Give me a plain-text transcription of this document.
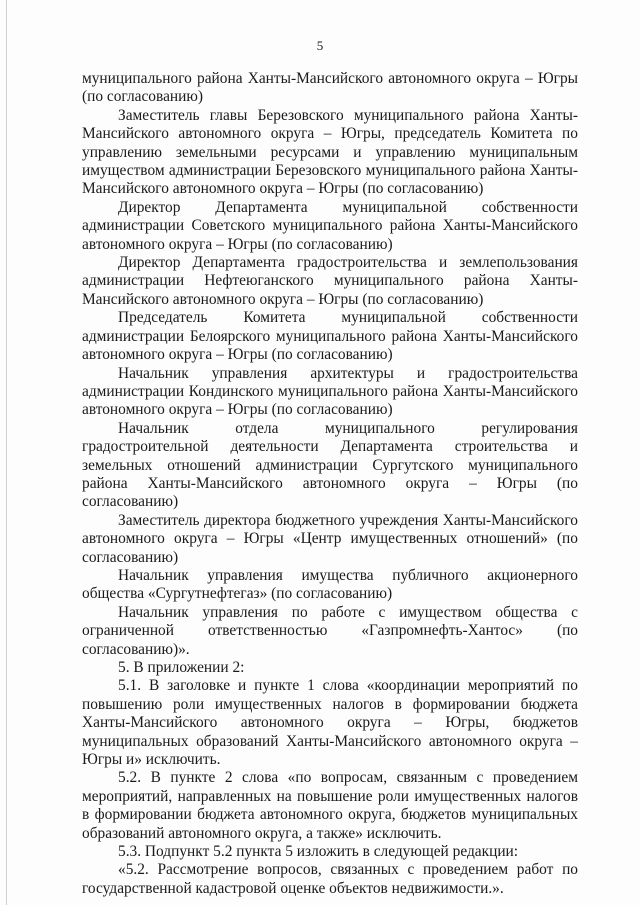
5

муниципального района Ханты-Мансийского автономного округа – Югры (по согласованию)

Заместитель главы Березовского муниципального района Ханты-Мансийского автономного округа – Югры, председатель Комитета по управлению земельными ресурсами и управлению муниципальным имуществом администрации Березовского муниципального района Ханты-Мансийского автономного округа – Югры (по согласованию)

Директор Департамента муниципальной собственности администрации Советского муниципального района Ханты-Мансийского автономного округа – Югры (по согласованию)

Директор Департамента градостроительства и землепользования администрации Нефтеюганского муниципального района Ханты-Мансийского автономного округа – Югры (по согласованию)

Председатель Комитета муниципальной собственности администрации Белоярского муниципального района Ханты-Мансийского автономного округа – Югры (по согласованию)

Начальник управления архитектуры и градостроительства администрации Кондинского муниципального района Ханты-Мансийского автономного округа – Югры (по согласованию)

Начальник отдела муниципального регулирования градостроительной деятельности Департамента строительства и земельных отношений администрации Сургутского муниципального района Ханты-Мансийского автономного округа – Югры (по согласованию)

Заместитель директора бюджетного учреждения Ханты-Мансийского автономного округа – Югры «Центр имущественных отношений» (по согласованию)

Начальник управления имущества публичного акционерного общества «Сургутнефтегаз» (по согласованию)

Начальник управления по работе с имуществом общества с ограниченной ответственностью «Газпромнефть-Хантос» (по согласованию)».

5. В приложении 2:

5.1. В заголовке и пункте 1 слова «координации мероприятий по повышению роли имущественных налогов в формировании бюджета Ханты-Мансийского автономного округа – Югры, бюджетов муниципальных образований Ханты-Мансийского автономного округа – Югры и» исключить.

5.2. В пункте 2 слова «по вопросам, связанным с проведением мероприятий, направленных на повышение роли имущественных налогов в формировании бюджета автономного округа, бюджетов муниципальных образований автономного округа, а также» исключить.

5.3. Подпункт 5.2 пункта 5 изложить в следующей редакции:

«5.2. Рассмотрение вопросов, связанных с проведением работ по государственной кадастровой оценке объектов недвижимости.».
